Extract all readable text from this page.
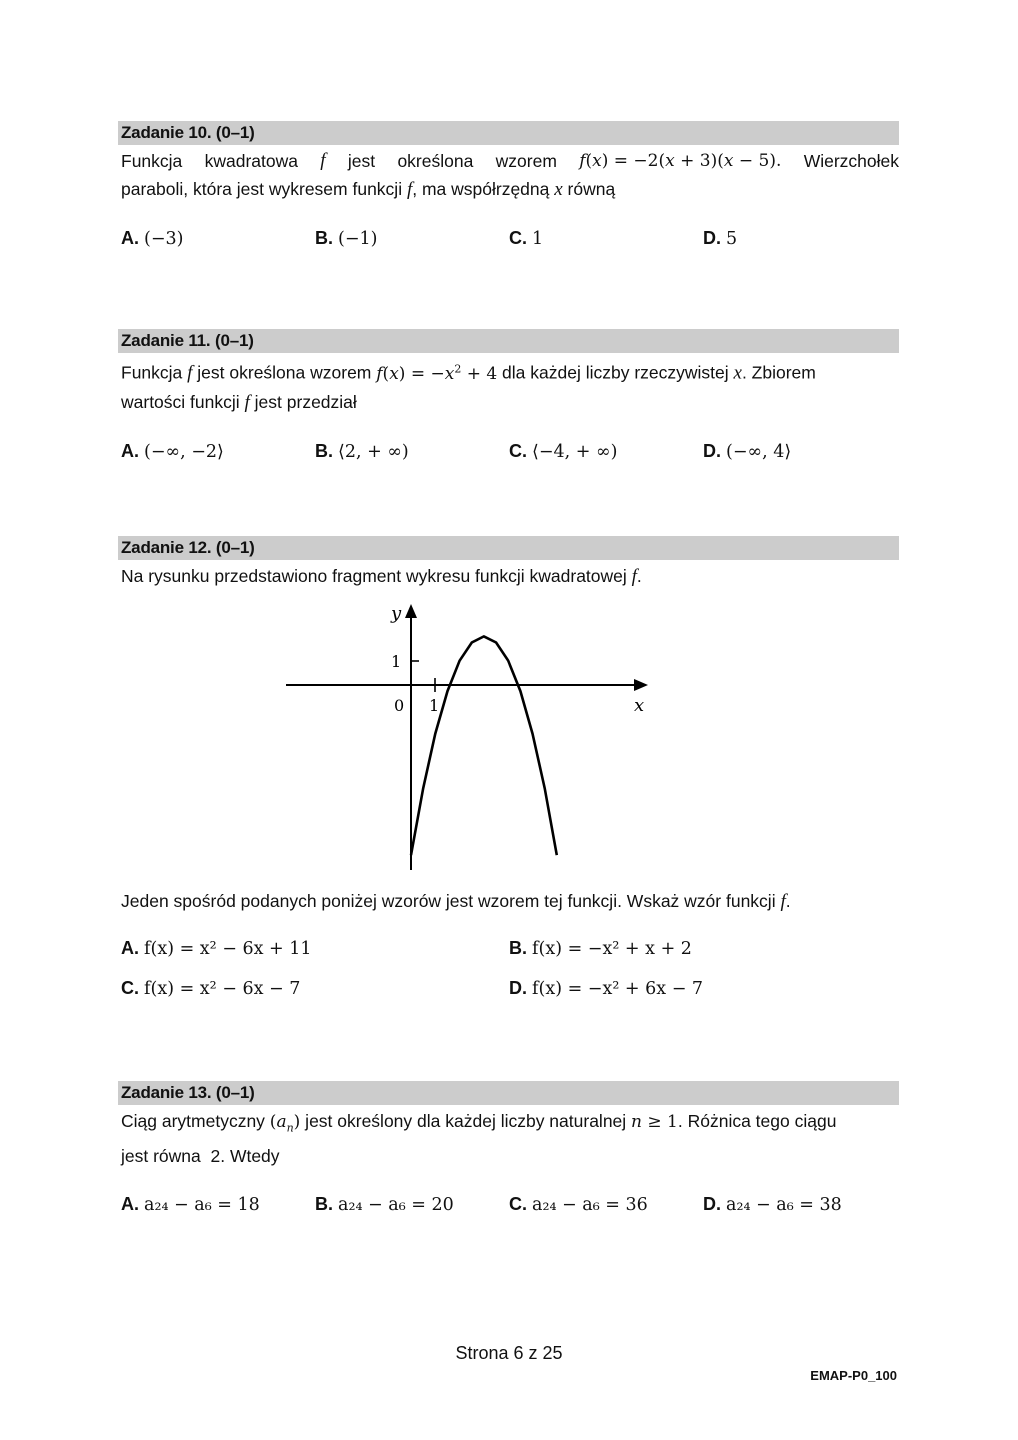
Zadanie 10. (0–1)
Funkcja kwadratowa f jest określona wzorem f(x) = −2(x + 3)(x − 5). Wierzchołek
paraboli, która jest wykresem funkcji f, ma współrzędną x równą
A. (−3)	B. (−1)	C. 1	D. 5
Zadanie 11. (0–1)
Funkcja f jest określona wzorem $f(x) = -x^2 + 4$ dla każdej liczby rzeczywistej x. Zbiorem
wartości funkcji f jest przedział
A. (−∞, −2⟩	B. ⟨2, + ∞)	C. ⟨−4, + ∞)	D. (−∞, 4⟩
Zadanie 12. (0–1)
Na rysunku przedstawiono fragment wykresu funkcji kwadratowej f.
y
1
0 1	x
Jeden spośród podanych poniżej wzorów jest wzorem tej funkcji. Wskaż wzór funkcji f.
A. f(x) = x² − 6x + 11	B. f(x) = −x² + x + 2
C. f(x) = x² − 6x − 7	D. f(x) = −x² + 6x − 7
Zadanie 13. (0–1)
Ciąg arytmetyczny $(a_n)$ jest określony dla każdej liczby naturalnej n ≥ 1. Różnica tego ciągu
jest równa  2. Wtedy
A. a₂₄ − a₆ = 18	B. a₂₄ − a₆ = 20	C. a₂₄ − a₆ = 36	D. a₂₄ − a₆ = 38
Strona 6 z 25
EMAP-P0_100
